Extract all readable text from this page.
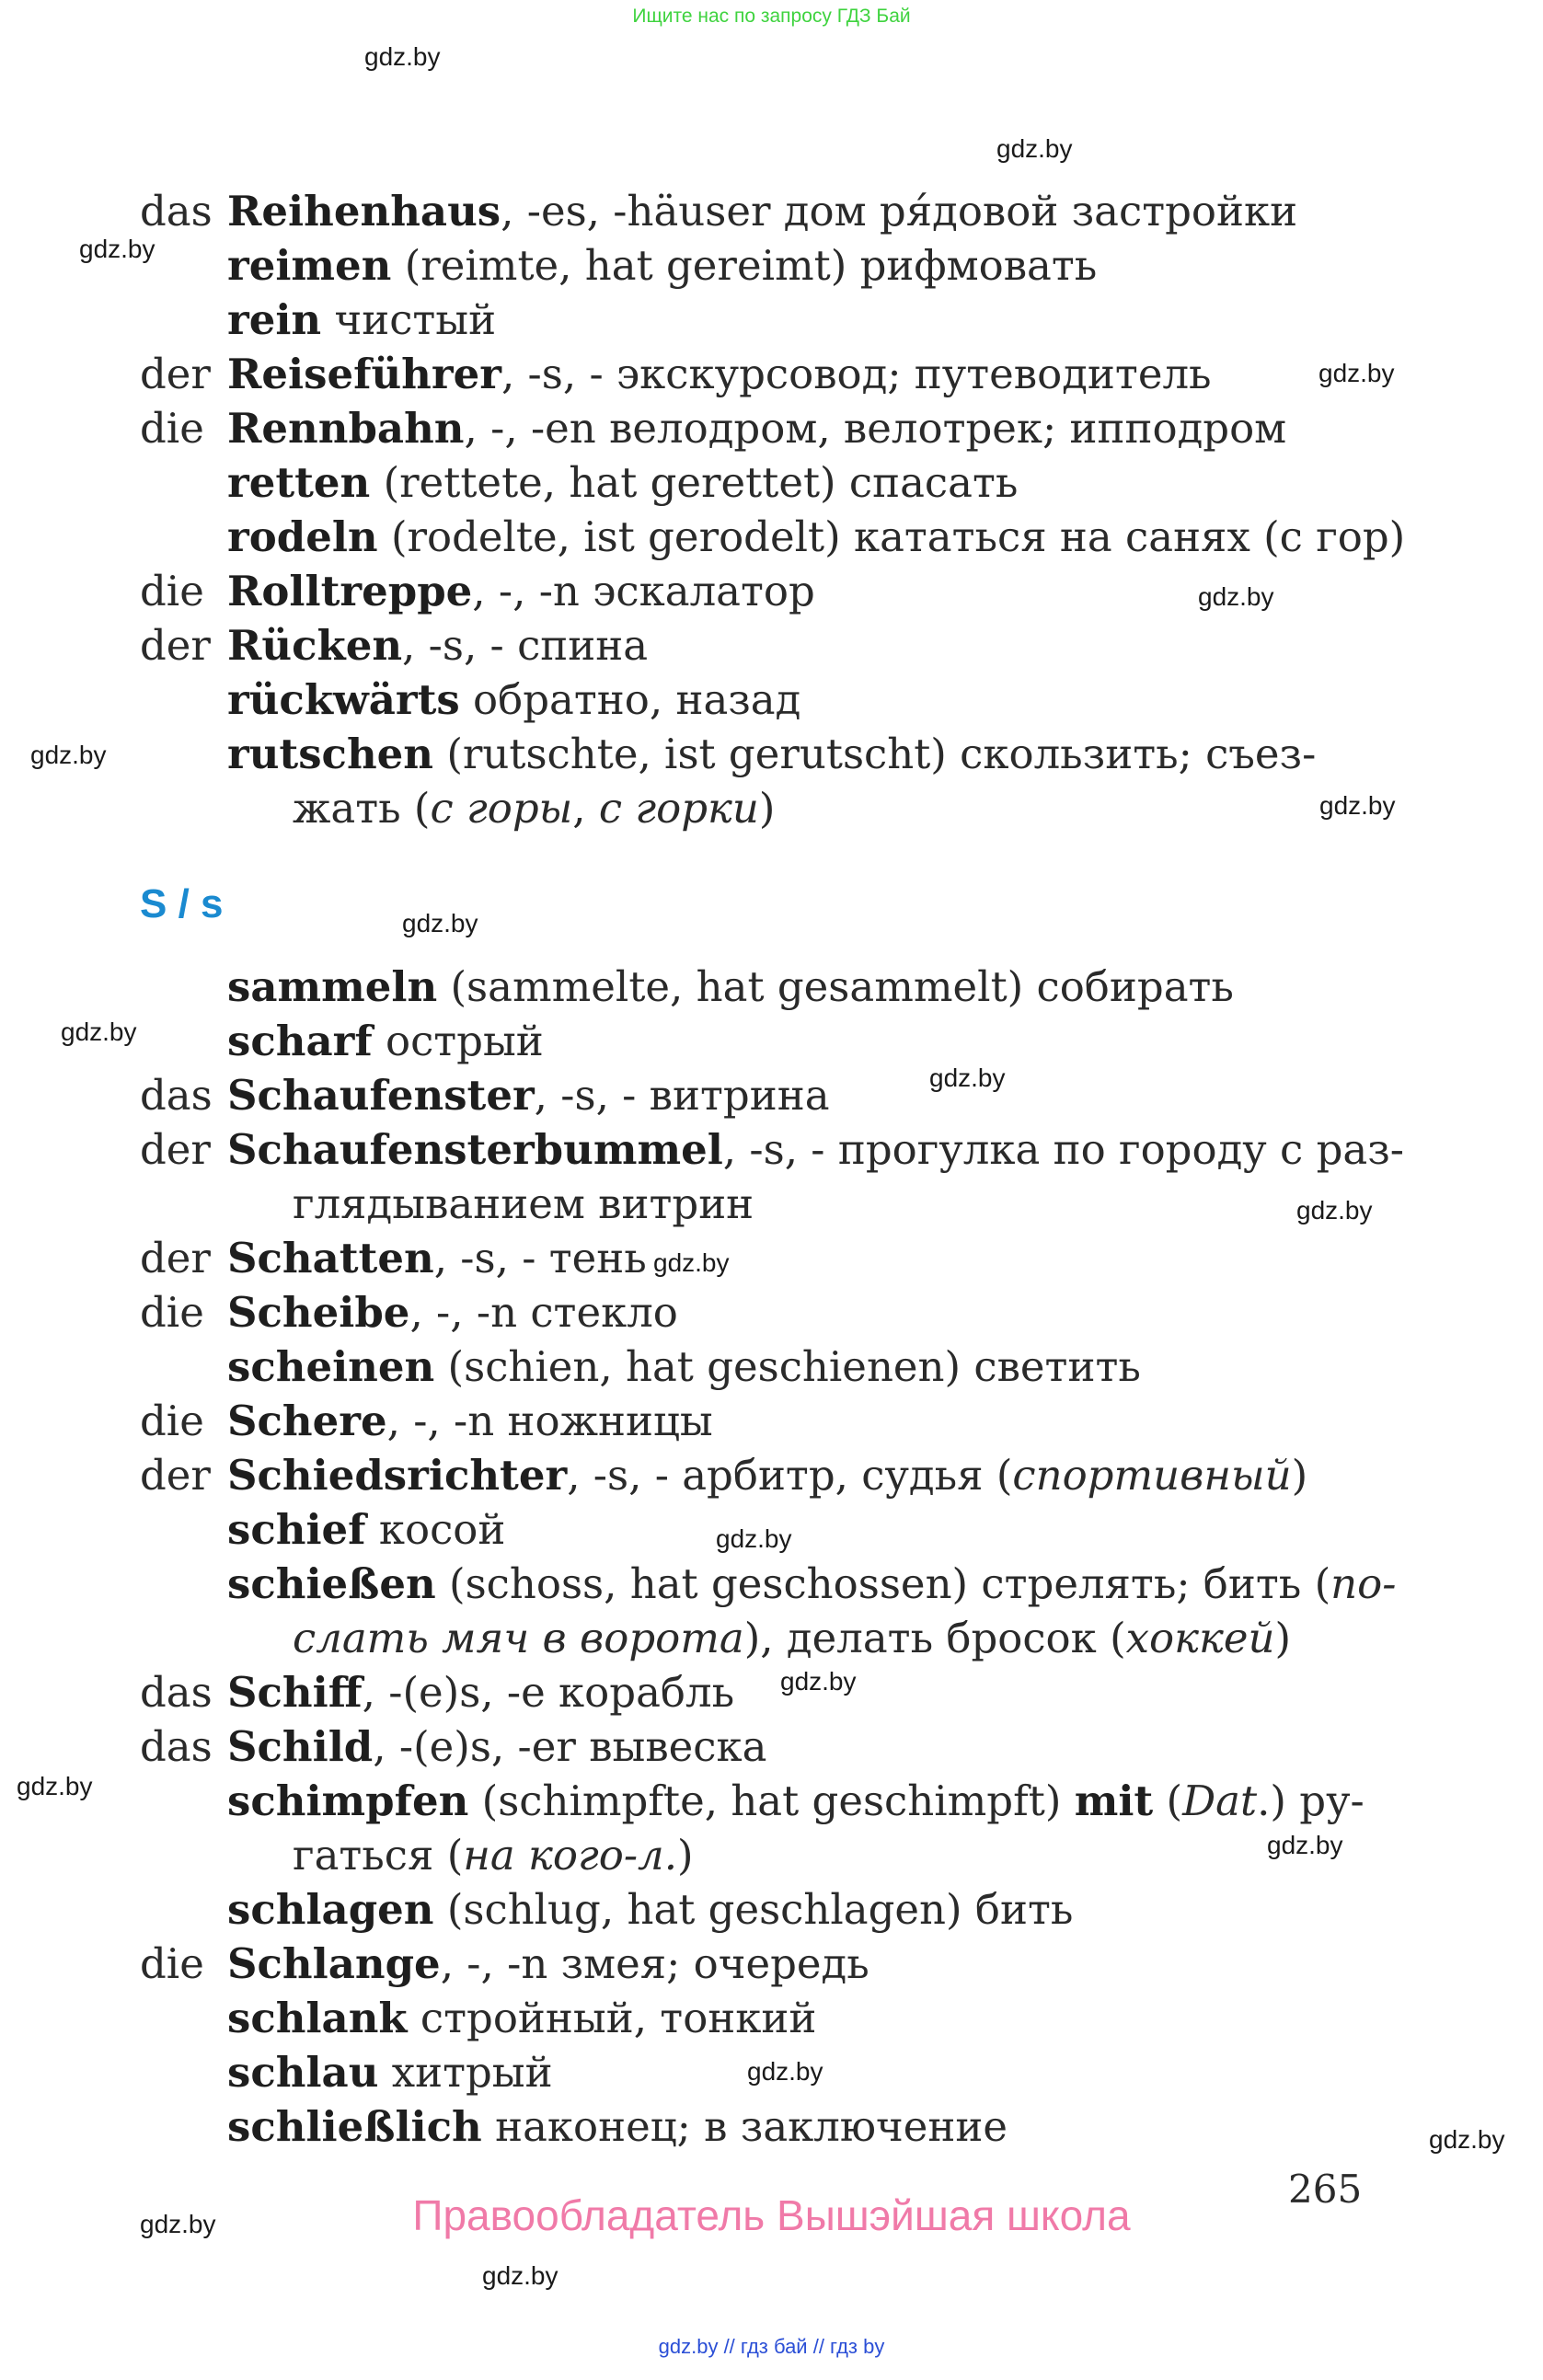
Ищите нас по запросу ГДЗ Бай
gdz.by
gdz.by
gdz.by
gdz.by
gdz.by
gdz.by
gdz.by
gdz.by
gdz.by
gdz.by
gdz.by
gdz.by
gdz.by
gdz.by
gdz.by
gdz.by
gdz.by
gdz.by
gdz.by
gdz.by
das Reihenhaus, -es, -häuser дом ря́довой застройки
reimen (reimte, hat gereimt) рифмовать
rein чистый
der Reiseführer, -s, - экскурсовод; путеводитель
die Rennbahn, -, -en велодром, велотрек; ипподром
retten (rettete, hat gerettet) спасать
rodeln (rodelte, ist gerodelt) кататься на санях (с гор)
die Rolltreppe, -, -n эскалатор
der Rücken, -s, - спина
rückwärts обратно, назад
rutschen (rutschte, ist gerutscht) скользить; съез-
жать (с горы, с горки)
S / s
sammeln (sammelte, hat gesammelt) собирать
scharf острый
das Schaufenster, -s, - витрина
der Schaufensterbummel, -s, - прогулка по городу с раз-
глядыванием витрин
der Schatten, -s, - тень
die Scheibe, -, -n стекло
scheinen (schien, hat geschienen) светить
die Schere, -, -n ножницы
der Schiedsrichter, -s, - арбитр, судья (спортивный)
schief косой
schießen (schoss, hat geschossen) стрелять; бить (по-
слать мяч в ворота), делать бросок (хоккей)
das Schiff, -(e)s, -e корабль
das Schild, -(e)s, -er вывеска
schimpfen (schimpfte, hat geschimpft) mit (Dat.) ру-
гаться (на кого-л.)
schlagen (schlug, hat geschlagen) бить
die Schlange, -, -n змея; очередь
schlank стройный, тонкий
schlau хитрый
schließlich наконец; в заключение
265
Правообладатель Вышэйшая школа
gdz.by // гдз бай // гдз by
